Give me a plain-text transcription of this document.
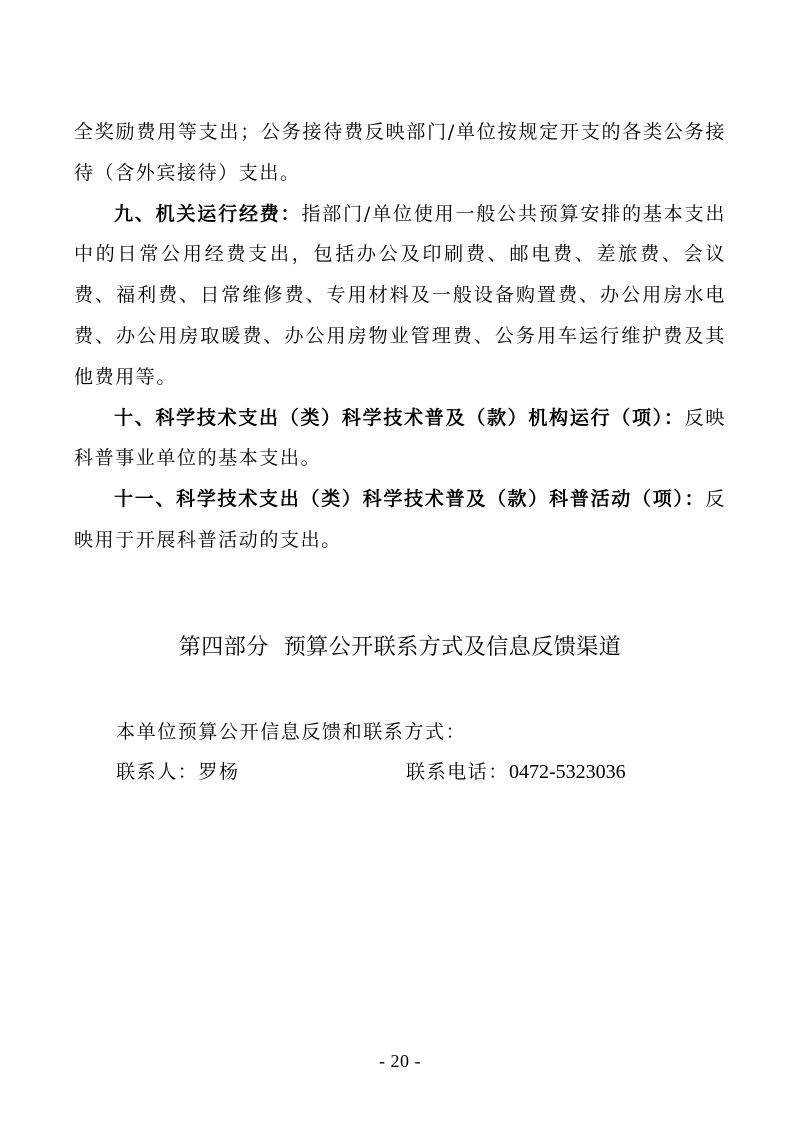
全奖励费用等支出；公务接待费反映部门/单位按规定开支的各类公务接待（含外宾接待）支出。

九、机关运行经费：指部门/单位使用一般公共预算安排的基本支出中的日常公用经费支出，包括办公及印刷费、邮电费、差旅费、会议费、福利费、日常维修费、专用材料及一般设备购置费、办公用房水电费、办公用房取暖费、办公用房物业管理费、公务用车运行维护费及其他费用等。

十、科学技术支出（类）科学技术普及（款）机构运行（项）：反映科普事业单位的基本支出。

十一、科学技术支出（类）科学技术普及（款）科普活动（项）：反映用于开展科普活动的支出。

第四部分  预算公开联系方式及信息反馈渠道
本单位预算公开信息反馈和联系方式：
联系人：罗杨	联系电话：0472-5323036
- 20 -
